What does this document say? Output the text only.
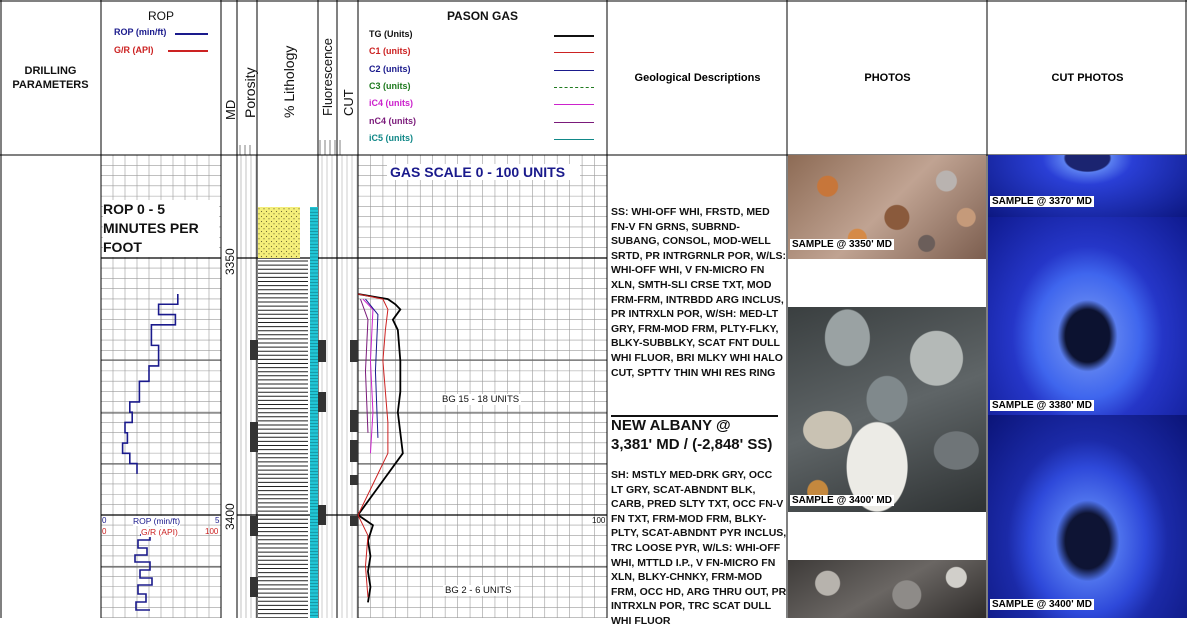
DRILLING
PARAMETERS
ROP
ROP (min/ft)
G/R (API)
MD Porosity % Lithology Fluorescence CUT
PASON GAS
TG (Units)
C1 (units)
C2 (units)
C3 (units)
iC4 (units)
nC4 (units)
iC5 (units)
Geological Descriptions	PHOTOS	CUT PHOTOS
ROP 0 - 5
MINUTES PER
FOOT
GAS SCALE 0 - 100 UNITS
3350
3400
BG 15 - 18 UNITS
BG 2 - 6 UNITS
0	ROP (min/ft)	5
0	G/R (API)	100
100
SS: WHI-OFF WHI, FRSTD, MED FN-V FN GRNS, SUBRND-SUBANG, CONSOL, MOD-WELL SRTD, PR INTRGRNLR POR, W/LS: WHI-OFF WHI, V FN-MICRO FN XLN, SMTH-SLI CRSE TXT, MOD FRM-FRM, INTRBDD ARG INCLUS, PR INTRXLN POR, W/SH: MED-LT GRY, FRM-MOD FRM, PLTY-FLKY, BLKY-SUBBLKY, SCAT FNT DULL WHI FLUOR, BRI MLKY WHI HALO CUT, SPTTY THIN WHI RES RING
NEW ALBANY @
3,381' MD / (-2,848' SS)
SH: MSTLY MED-DRK GRY, OCC LT GRY, SCAT-ABNDNT BLK, CARB, PRED SLTY TXT, OCC FN-V FN TXT, FRM-MOD FRM, BLKY-PLTY, SCAT-ABNDNT PYR INCLUS, TRC LOOSE PYR, W/LS: WHI-OFF WHI, MTTLD I.P., V FN-MICRO FN XLN, BLKY-CHNKY, FRM-MOD FRM, OCC HD, ARG THRU OUT, PR INTRXLN POR, TRC SCAT DULL WHI FLUOR
SAMPLE @ 3350' MD
SAMPLE @ 3400' MD
SAMPLE @ 3370' MD
SAMPLE @ 3380' MD
SAMPLE @ 3400' MD
